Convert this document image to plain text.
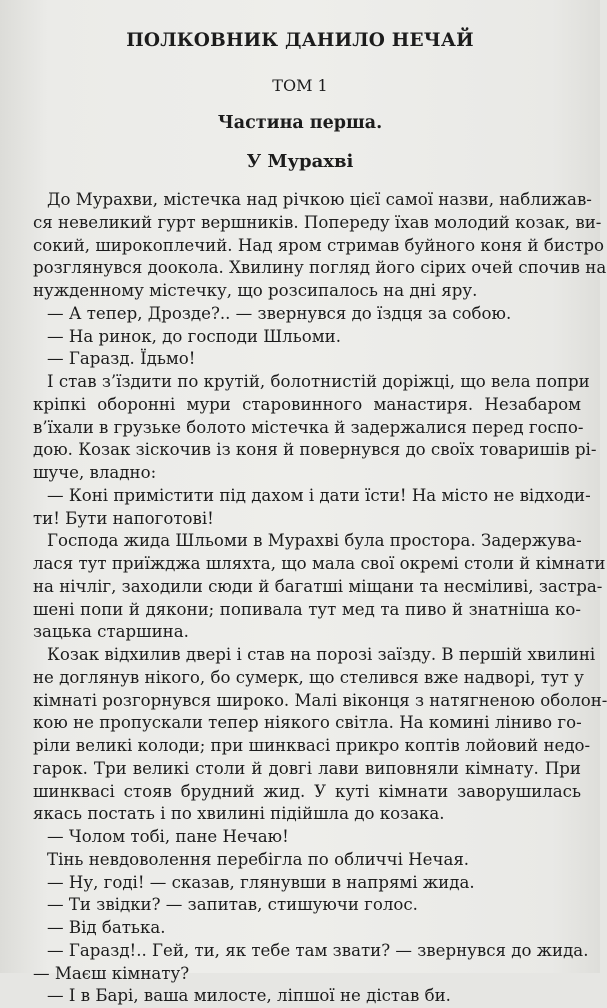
ПОЛКОВНИК ДАНИЛО НЕЧАЙ
ТОМ 1
Частина перша.
У Мурахві
До Мурахви, містечка над річкою цієї самої назви, наближав-
ся невеликий гурт вершників. Попереду їхав молодий козак, ви-
сокий, широкоплечий. Над яром стримав буйного коня й бистро
розглянувся доокола. Хвилину погляд його сірих очей спочив на
нужденному містечку, що розсипалось на дні яру.
— А тепер, Дрозде?.. — звернувся до їздця за собою.
— На ринок, до господи Шльоми.
— Гаразд. Їдьмо!
І став з’їздити по крутій, болотнистій доріжці, що вела попри
кріпкі оборонні мури старовинного манастиря. Незабаром
в’їхали в грузьке болото містечка й задержалися перед госпо-
дою. Козак зіскочив із коня й повернувся до своїх товаришів рі-
шуче, владно:
— Коні примістити під дахом і дати їсти! На місто не відходи-
ти! Бути напоготові!
Господа жида Шльоми в Мурахві була простора. Задержува-
лася тут приїжджа шляхта, що мала свої окремі столи й кімнати
на нічліг, заходили сюди й багатші міщани та несміливі, застра-
шені попи й дякони; попивала тут мед та пиво й знатніша ко-
зацька старшина.
Козак відхилив двері і став на порозі заїзду. В першій хвилині
не доглянув нікого, бо сумерк, що стелився вже надворі, тут у
кімнаті розгорнувся широко. Малі віконця з натягненою оболон-
кою не пропускали тепер ніякого світла. На комині ліниво го-
ріли великі колоди; при шинквасі прикро коптів лойовий недо-
гарок. Три великі столи й довгі лави виповняли кімнату. При
шинквасі стояв брудний жид. У куті кімнати заворушилась
якась постать і по хвилині підійшла до козака.
— Чолом тобі, пане Нечаю!
Тінь невдоволення перебігла по обличчі Нечая.
— Ну, годі! — сказав, глянувши в напрямі жида.
— Ти звідки? — запитав, стишуючи голос.
— Від батька.
— Гаразд!.. Гей, ти, як тебе там звати? — звернувся до жида.
— Маєш кімнату?
— І в Барі, ваша милосте, ліпшої не дістав би.
